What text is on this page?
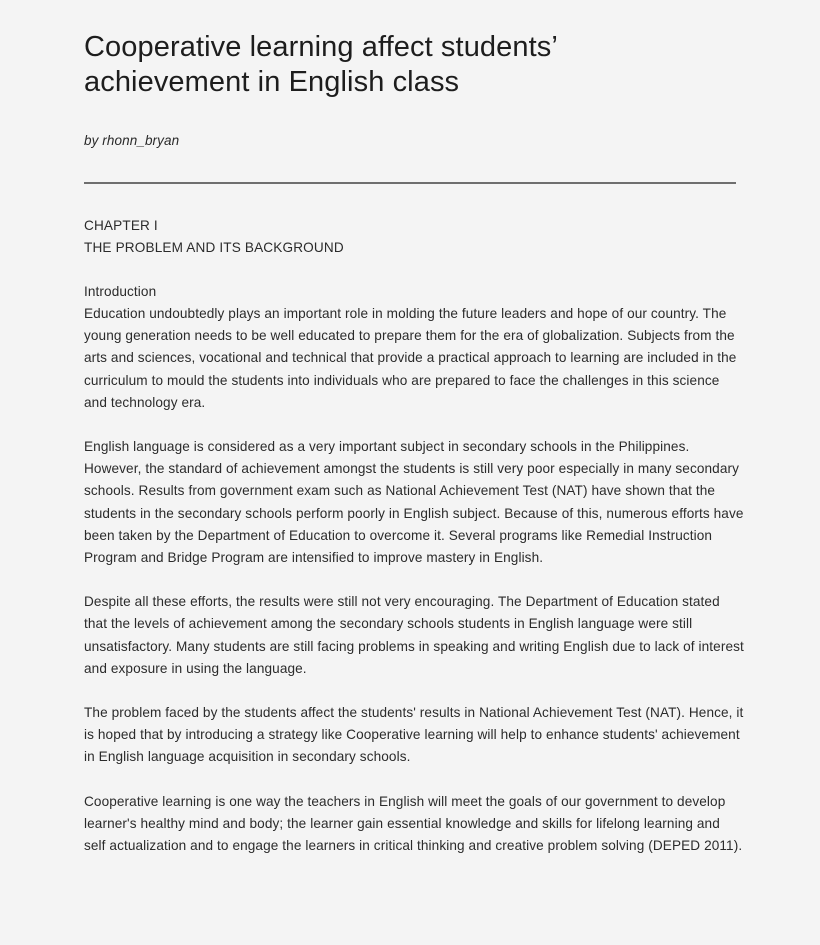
Cooperative learning affect students’ achievement in English class

by rhonn_bryan

CHAPTER I

THE PROBLEM AND ITS BACKGROUND

Introduction

Education undoubtedly plays an important role in molding the future leaders and hope of our country. The young generation needs to be well educated to prepare them for the era of globalization. Subjects from the arts and sciences, vocational and technical that provide a practical approach to learning are included in the curriculum to mould the students into individuals who are prepared to face the challenges in this science and technology era.

English language is considered as a very important subject in secondary schools in the Philippines. However, the standard of achievement amongst the students is still very poor especially in many secondary schools. Results from government exam such as National Achievement Test (NAT) have shown that the students in the secondary schools perform poorly in English subject. Because of this, numerous efforts have been taken by the Department of Education to overcome it. Several programs like Remedial Instruction Program and Bridge Program are intensified to improve mastery in English.

Despite all these efforts, the results were still not very encouraging. The Department of Education stated that the levels of achievement among the secondary schools students in English language were still unsatisfactory. Many students are still facing problems in speaking and writing English due to lack of interest and exposure in using the language.

The problem faced by the students affect the students' results in National Achievement Test (NAT). Hence, it is hoped that by introducing a strategy like Cooperative learning will help to enhance students' achievement in English language acquisition in secondary schools.

Cooperative learning is one way the teachers in English will meet the goals of our government to develop learner's healthy mind and body; the learner gain essential knowledge and skills for lifelong learning and self actualization and to engage the learners in critical thinking and creative problem solving (DEPED 2011).
